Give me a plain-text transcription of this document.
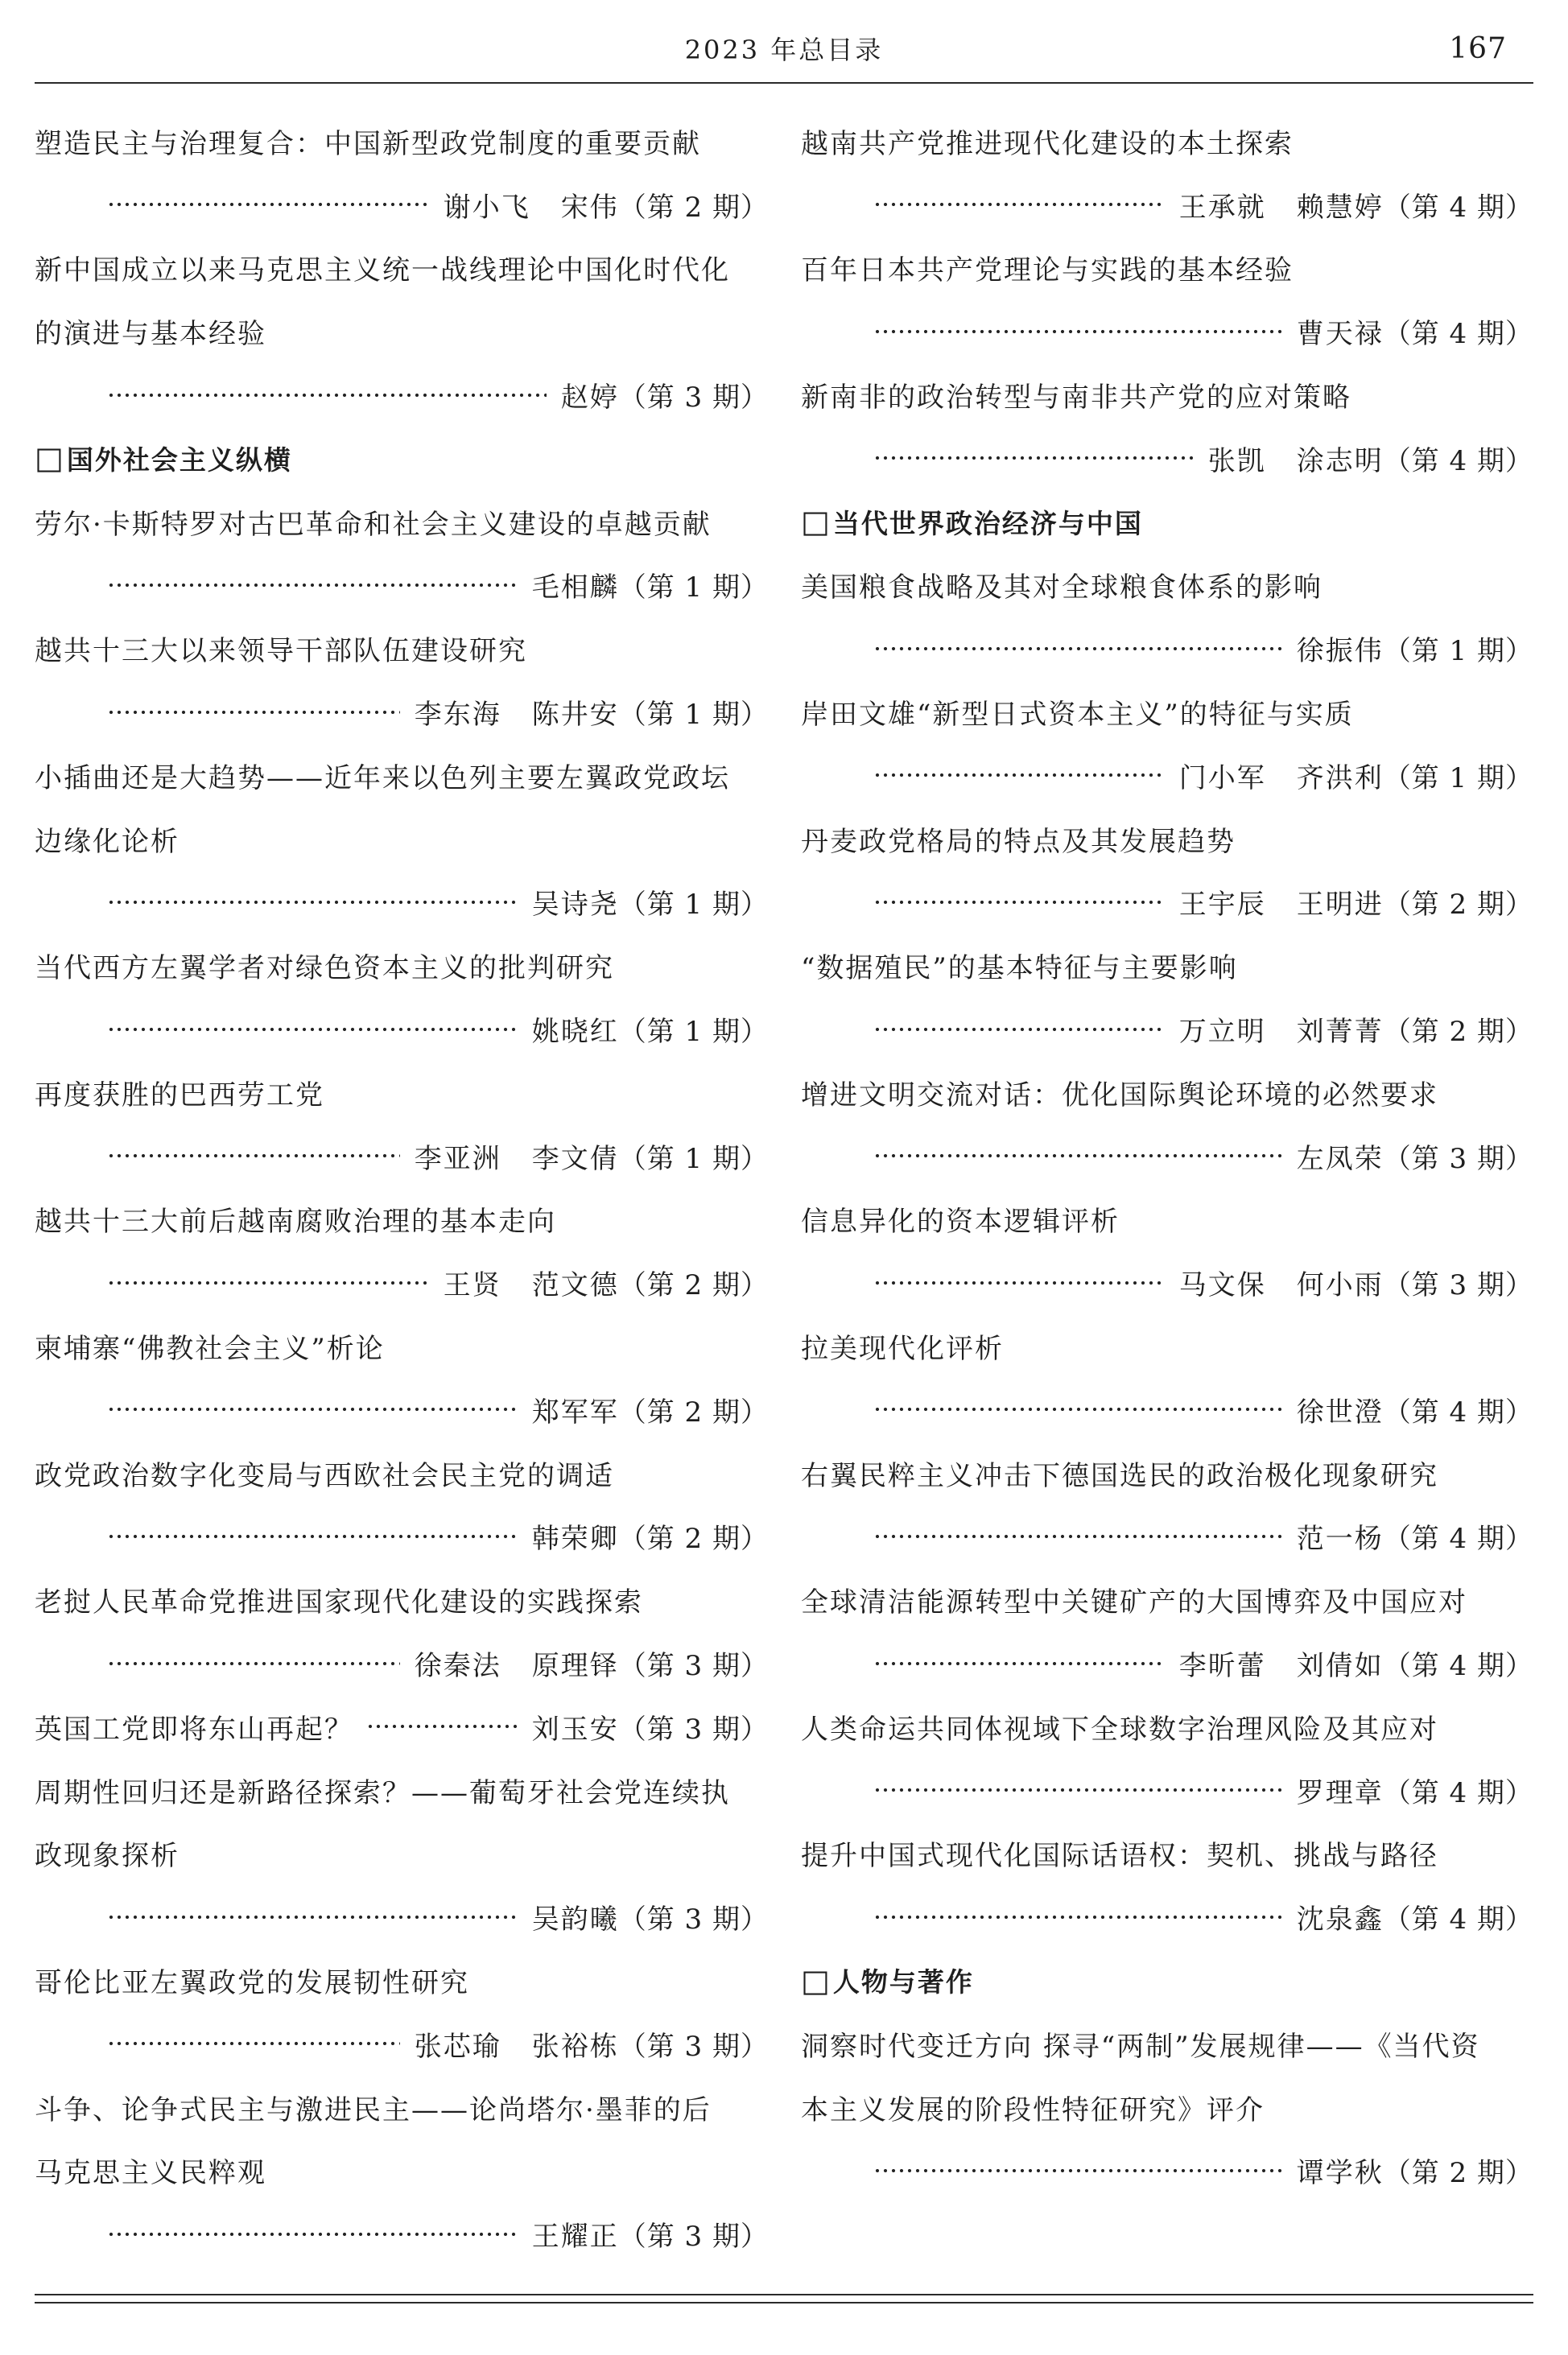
2023 年总目录	167
塑造民主与治理复合：中国新型政党制度的重要贡献
谢小飞 宋伟 （第 2 期）
新中国成立以来马克思主义统一战线理论中国化时代化
的演进与基本经验
赵婷 （第 3 期）
□ 国外社会主义纵横
劳尔·卡斯特罗对古巴革命和社会主义建设的卓越贡献
毛相麟 （第 1 期）
越共十三大以来领导干部队伍建设研究
李东海 陈井安 （第 1 期）
小插曲还是大趋势——近年来以色列主要左翼政党政坛
边缘化论析
吴诗尧 （第 1 期）
当代西方左翼学者对绿色资本主义的批判研究
姚晓红 （第 1 期）
再度获胜的巴西劳工党
李亚洲 李文倩 （第 1 期）
越共十三大前后越南腐败治理的基本走向
王贤 范文德 （第 2 期）
柬埔寨“佛教社会主义”析论
郑军军 （第 2 期）
政党政治数字化变局与西欧社会民主党的调适
韩荣卿 （第 2 期）
老挝人民革命党推进国家现代化建设的实践探索
徐秦法 原理铎 （第 3 期）
英国工党即将东山再起？	刘玉安 （第 3 期）
周期性回归还是新路径探索？——葡萄牙社会党连续执
政现象探析
吴韵曦 （第 3 期）
哥伦比亚左翼政党的发展韧性研究
张芯瑜 张裕栋 （第 3 期）
斗争、论争式民主与激进民主——论尚塔尔·墨菲的后
马克思主义民粹观
王耀正 （第 3 期）
越南共产党推进现代化建设的本土探索
王承就 赖慧婷 （第 4 期）
百年日本共产党理论与实践的基本经验
曹天禄 （第 4 期）
新南非的政治转型与南非共产党的应对策略
张凯 涂志明 （第 4 期）
□ 当代世界政治经济与中国
美国粮食战略及其对全球粮食体系的影响
徐振伟 （第 1 期）
岸田文雄“新型日式资本主义”的特征与实质
门小军 齐洪利 （第 1 期）
丹麦政党格局的特点及其发展趋势
王宇辰 王明进 （第 2 期）
“数据殖民”的基本特征与主要影响
万立明 刘菁菁 （第 2 期）
增进文明交流对话：优化国际舆论环境的必然要求
左凤荣 （第 3 期）
信息异化的资本逻辑评析
马文保 何小雨 （第 3 期）
拉美现代化评析
徐世澄 （第 4 期）
右翼民粹主义冲击下德国选民的政治极化现象研究
范一杨 （第 4 期）
全球清洁能源转型中关键矿产的大国博弈及中国应对
李昕蕾 刘倩如 （第 4 期）
人类命运共同体视域下全球数字治理风险及其应对
罗理章 （第 4 期）
提升中国式现代化国际话语权：契机、挑战与路径
沈泉鑫 （第 4 期）
□ 人物与著作
洞察时代变迁方向 探寻“两制”发展规律——《当代资
本主义发展的阶段性特征研究》评介
谭学秋 （第 2 期）
